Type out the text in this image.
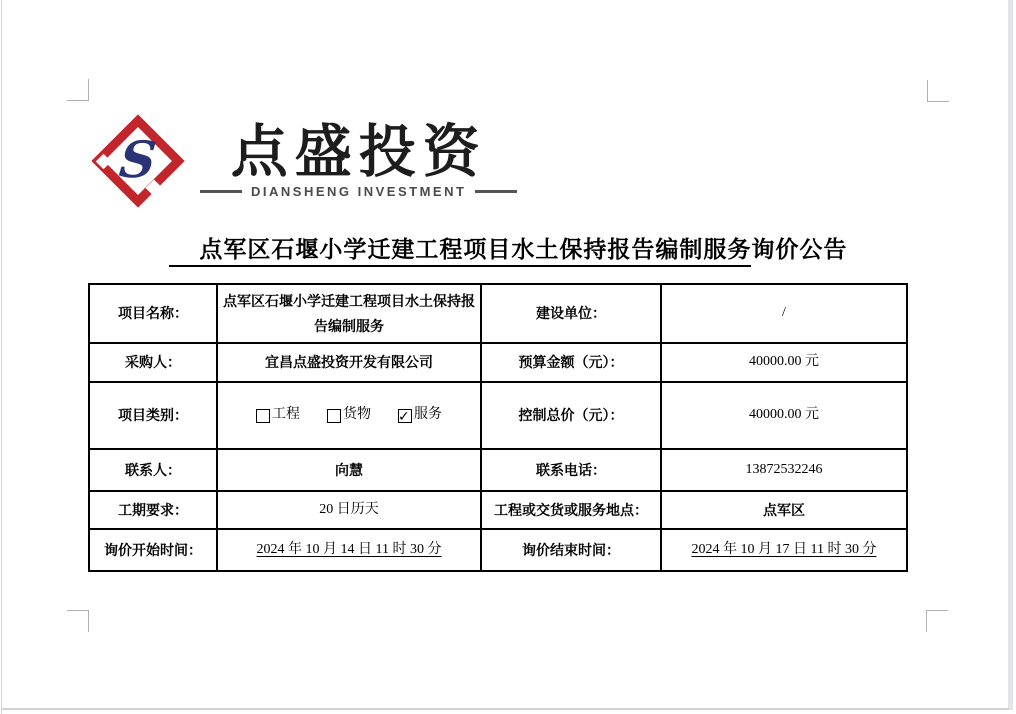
S	点盛投资
DIANSHENG INVESTMENT
　 点军区石堰小学迁建工程项目水土保持报告编制服务询价公告
项目名称：	点军区石堰小学迁建工程项目水土保持报告编制服务	建设单位：	/
采购人：	宜昌点盛投资开发有限公司	预算金额（元）：	40000.00 元
项目类别：	工程 货物 ✓ 服务	控制总价（元）：	40000.00 元
联系人：	向慧	联系电话：	13872532246
工期要求：	20 日历天	工程或交货或服务地点：	点军区
询价开始时间：	2024 年 10 月 14 日 11 时 30 分	询价结束时间：	2024 年 10 月 17 日 11 时 30 分
